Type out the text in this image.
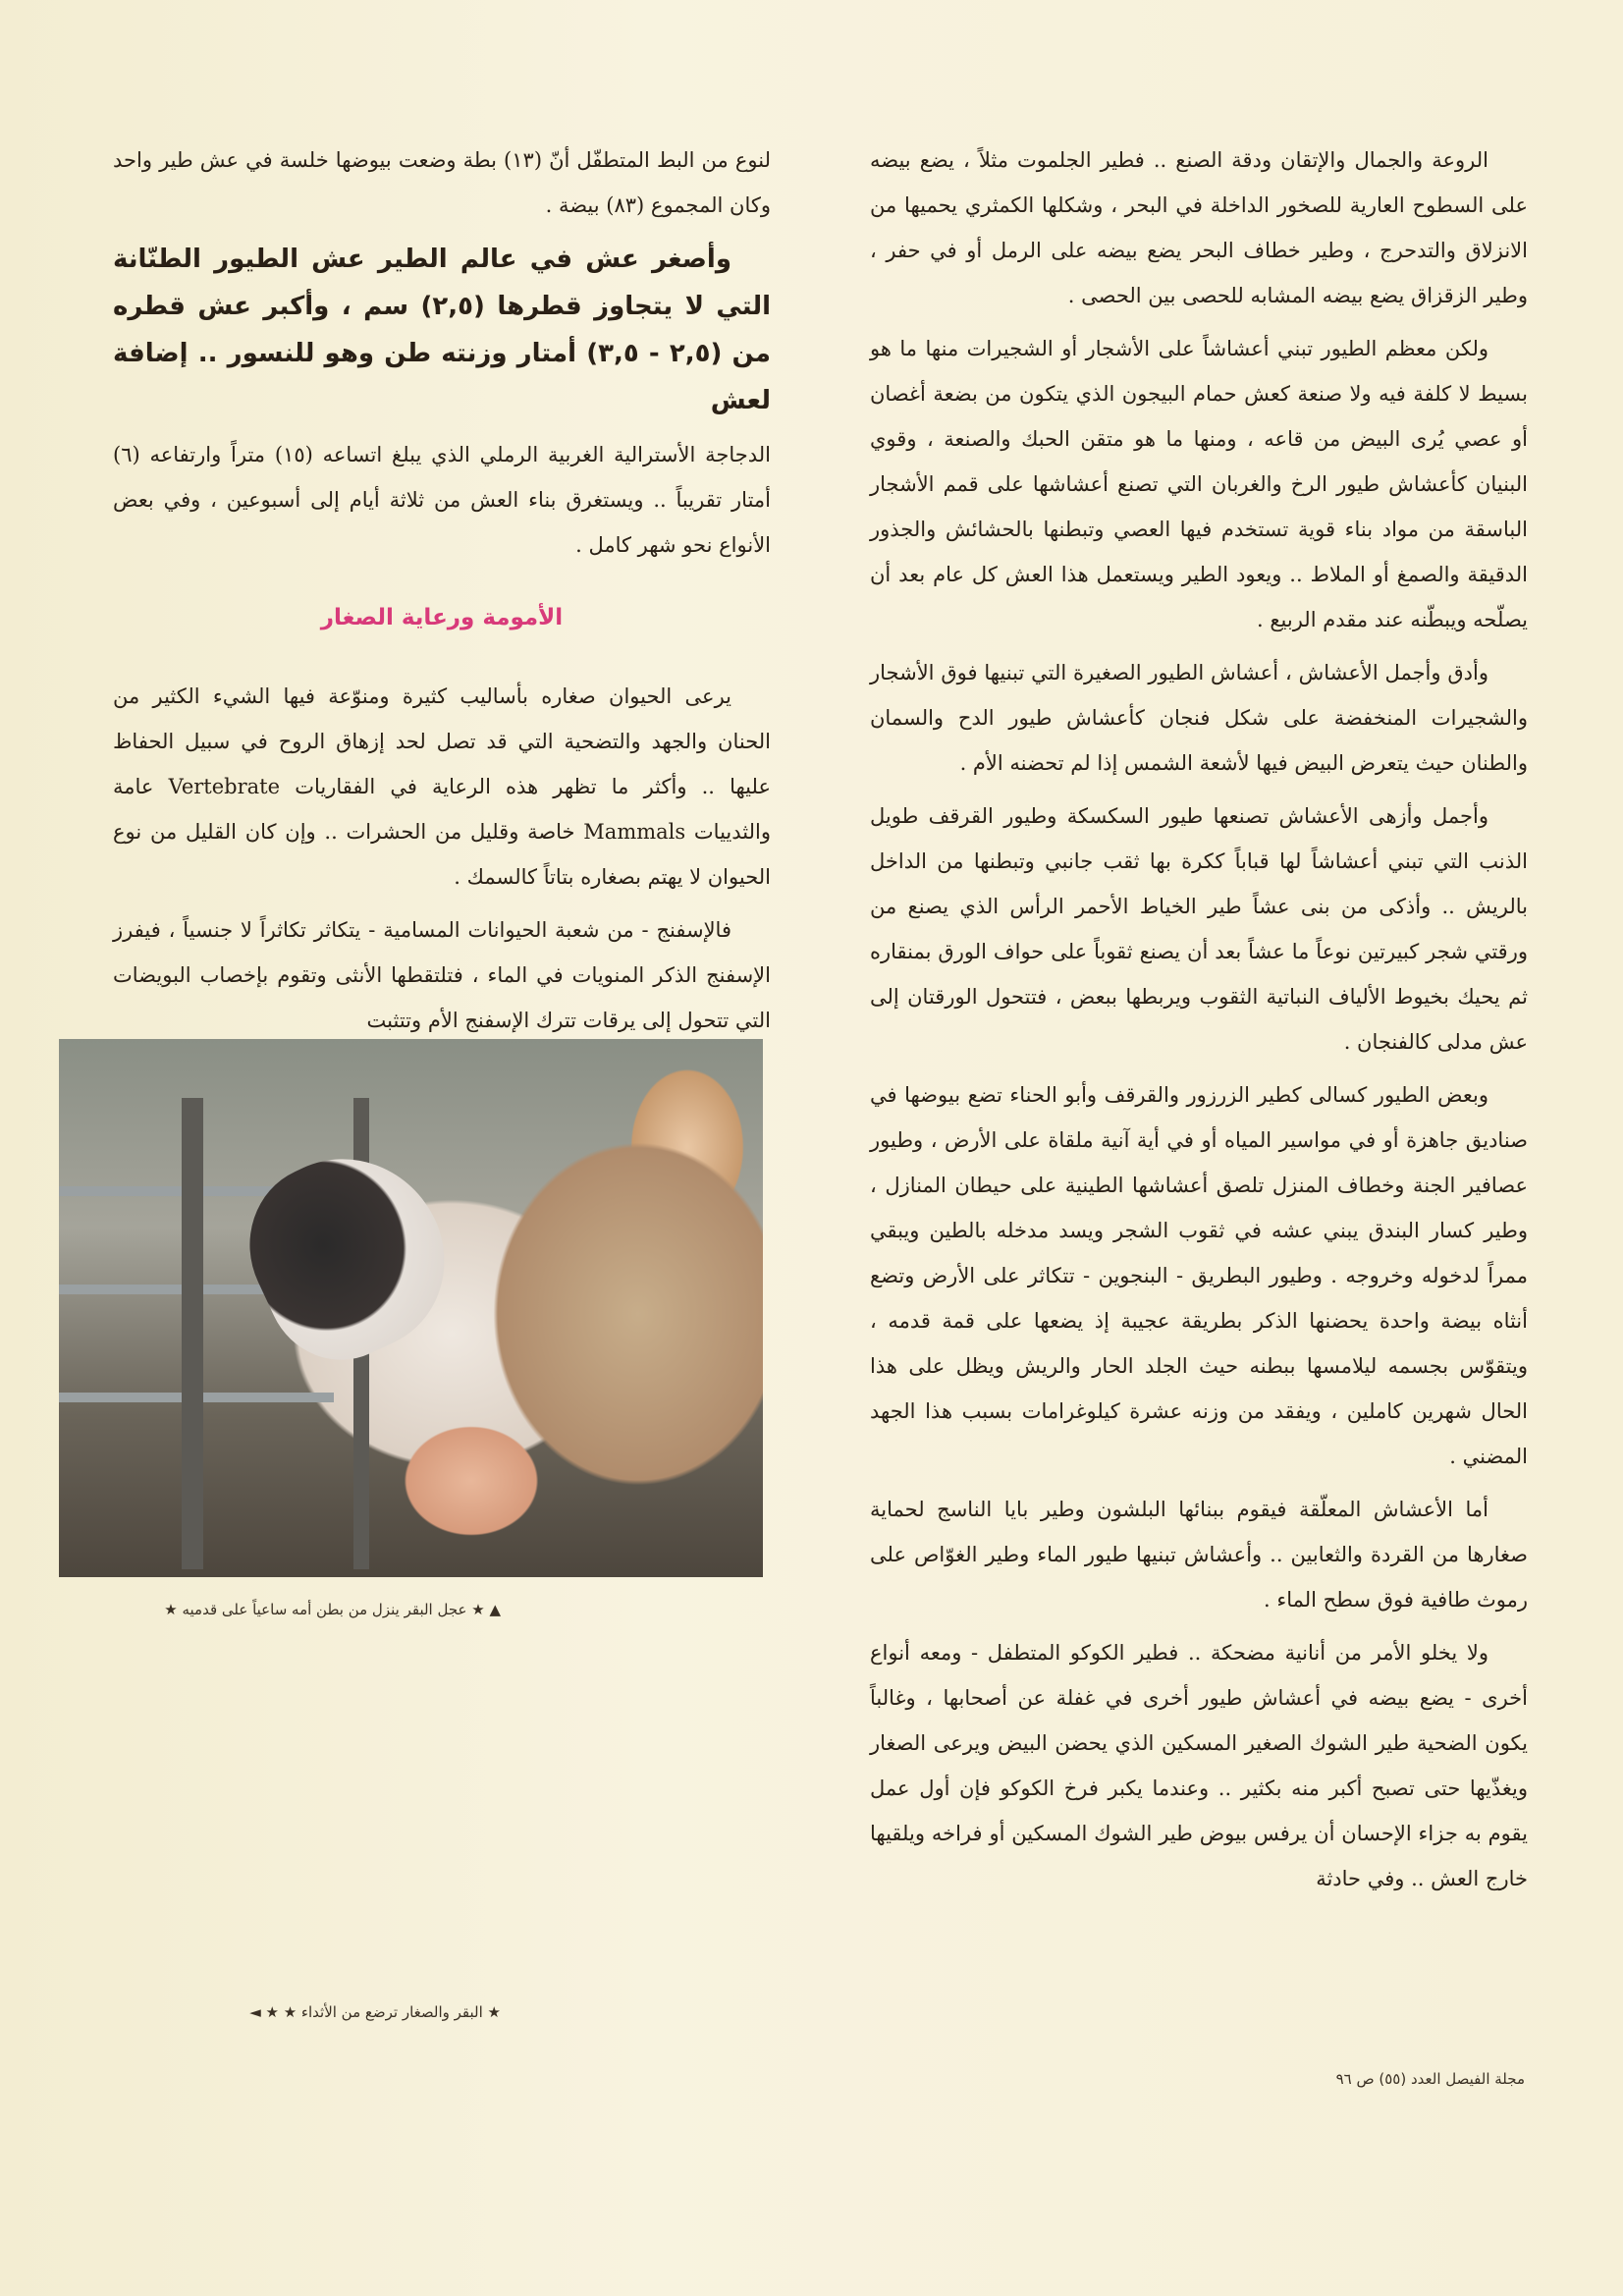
الروعة والجمال والإتقان ودقة الصنع .. فطير الجلموت مثلاً ، يضع بيضه على السطوح العارية للصخور الداخلة في البحر ، وشكلها الكمثري يحميها من الانزلاق والتدحرج ، وطير خطاف البحر يضع بيضه على الرمل أو في حفر ، وطير الزقزاق يضع بيضه المشابه للحصى بين الحصى .

ولكن معظم الطيور تبني أعشاشاً على الأشجار أو الشجيرات منها ما هو بسيط لا كلفة فيه ولا صنعة كعش حمام البيجون الذي يتكون من بضعة أغصان أو عصي يُرى البيض من قاعه ، ومنها ما هو متقن الحبك والصنعة ، وقوي البنيان كأعشاش طيور الرخ والغربان التي تصنع أعشاشها على قمم الأشجار الباسقة من مواد بناء قوية تستخدم فيها العصي وتبطنها بالحشائش والجذور الدقيقة والصمغ أو الملاط .. ويعود الطير ويستعمل هذا العش كل عام بعد أن يصلّحه ويبطّنه عند مقدم الربيع .

وأدق وأجمل الأعشاش ، أعشاش الطيور الصغيرة التي تبنيها فوق الأشجار والشجيرات المنخفضة على شكل فنجان كأعشاش طيور الدح والسمان والطنان حيث يتعرض البيض فيها لأشعة الشمس إذا لم تحضنه الأم .

وأجمل وأزهى الأعشاش تصنعها طيور السكسكة وطيور القرقف طويل الذنب التي تبني أعشاشاً لها قباباً ككرة بها ثقب جانبي وتبطنها من الداخل بالريش .. وأذكى من بنى عشاً طير الخياط الأحمر الرأس الذي يصنع من ورقتي شجر كبيرتين نوعاً ما عشاً بعد أن يصنع ثقوباً على حواف الورق بمنقاره ثم يحيك بخيوط الألياف النباتية الثقوب ويربطها ببعض ، فتتحول الورقتان إلى عش مدلى كالفنجان .

وبعض الطيور كسالى كطير الزرزور والقرقف وأبو الحناء تضع بيوضها في صناديق جاهزة أو في مواسير المياه أو في أية آنية ملقاة على الأرض ، وطيور عصافير الجنة وخطاف المنزل تلصق أعشاشها الطينية على حيطان المنازل ، وطير كسار البندق يبني عشه في ثقوب الشجر ويسد مدخله بالطين ويبقي ممراً لدخوله وخروجه . وطيور البطريق - البنجوين - تتكاثر على الأرض وتضع أنثاه بيضة واحدة يحضنها الذكر بطريقة عجيبة إذ يضعها على قمة قدمه ، ويتقوّس بجسمه ليلامسها ببطنه حيث الجلد الحار والريش ويظل على هذا الحال شهرين كاملين ، ويفقد من وزنه عشرة كيلوغرامات بسبب هذا الجهد المضني .

أما الأعشاش المعلّقة فيقوم ببنائها البلشون وطير بايا الناسج لحماية صغارها من القردة والثعابين .. وأعشاش تبنيها طيور الماء وطير الغوّاص على رموث طافية فوق سطح الماء .

ولا يخلو الأمر من أنانية مضحكة .. فطير الكوكو المتطفل - ومعه أنواع أخرى - يضع بيضه في أعشاش طيور أخرى في غفلة عن أصحابها ، وغالباً يكون الضحية طير الشوك الصغير المسكين الذي يحضن البيض ويرعى الصغار ويغذّيها حتى تصبح أكبر منه بكثير .. وعندما يكبر فرخ الكوكو فإن أول عمل يقوم به جزاء الإحسان أن يرفس بيوض طير الشوك المسكين أو فراخه ويلقيها خارج العش .. وفي حادثة

لنوع من البط المتطفّل أنّ (١٣) بطة وضعت بيوضها خلسة في عش طير واحد وكان المجموع (٨٣) بيضة .

وأصغر عش في عالم الطير عش الطيور الطنّانة التي لا يتجاوز قطرها (٢,٥) سم ، وأكبر عش قطره من (٢,٥ - ٣,٥) أمتار وزنته طن وهو للنسور .. إضافة لعش

الدجاجة الأسترالية الغربية الرملي الذي يبلغ اتساعه (١٥) متراً وارتفاعه (٦) أمتار تقريباً .. ويستغرق بناء العش من ثلاثة أيام إلى أسبوعين ، وفي بعض الأنواع نحو شهر كامل .

الأمومة ورعاية الصغار

يرعى الحيوان صغاره بأساليب كثيرة ومنوّعة فيها الشيء الكثير من الحنان والجهد والتضحية التي قد تصل لحد إزهاق الروح في سبيل الحفاظ عليها .. وأكثر ما تظهر هذه الرعاية في الفقاريات Vertebrate عامة والثدييات Mammals خاصة وقليل من الحشرات .. وإن كان القليل من نوع الحيوان لا يهتم بصغاره بتاتاً كالسمك .

فالإسفنج - من شعبة الحيوانات المسامية - يتكاثر تكاثراً لا جنسياً ، فيفرز الإسفنج الذكر المنويات في الماء ، فتلتقطها الأنثى وتقوم بإخصاب البويضات التي تتحول إلى يرقات تترك الإسفنج الأم وتتثبت

▲ ★ عجل البقر ينزل من بطن أمه ساعياً على قدميه ★
★ البقر والصغار ترضع من الأثداء ★ ★ ◄
مجلة الفيصل العدد (٥٥) ص ٩٦
